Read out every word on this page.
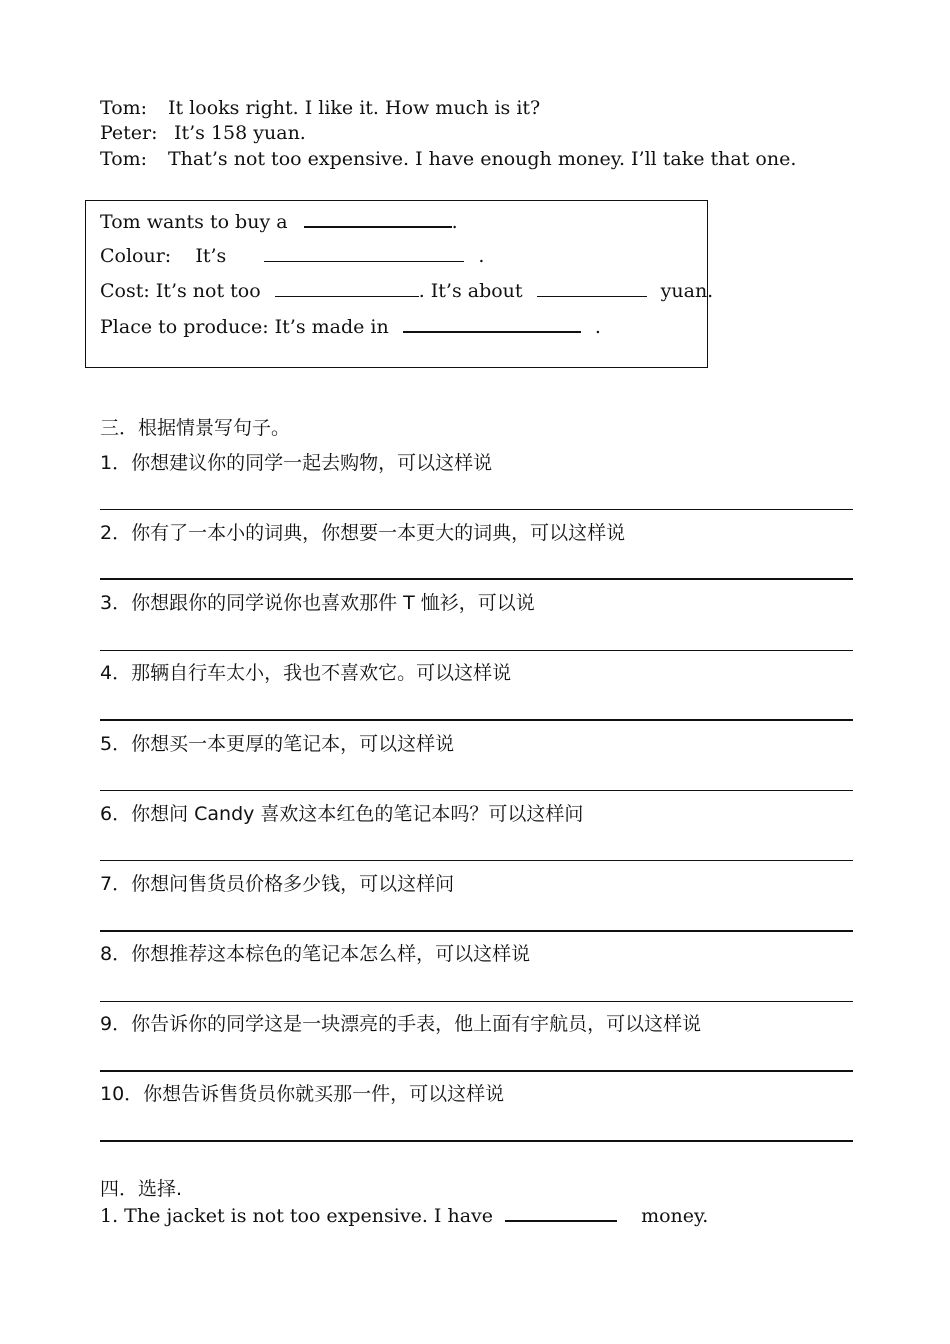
Tom: It looks right. I like it. How much is it?
Peter: It’s 158 yuan.
Tom: That’s not too expensive. I have enough money. I’ll take that one.
Tom wants to buy a	.
Colour:    It’s	.
Cost: It’s not too	. It’s about	yuan.
Place to produce: It’s made in	.
三．根据情景写句子。
1．你想建议你的同学一起去购物，可以这样说
2．你有了一本小的词典，你想要一本更大的词典，可以这样说
3．你想跟你的同学说你也喜欢那件 T 恤衫，可以说
4．那辆自行车太小，我也不喜欢它。可以这样说
5．你想买一本更厚的笔记本，可以这样说
6．你想问 Candy 喜欢这本红色的笔记本吗？可以这样问
7．你想问售货员价格多少钱，可以这样问
8．你想推荐这本棕色的笔记本怎么样，可以这样说
9．你告诉你的同学这是一块漂亮的手表，他上面有宇航员，可以这样说
10．你想告诉售货员你就买那一件，可以这样说
四．选择.
1. The jacket is not too expensive. I have	money.
